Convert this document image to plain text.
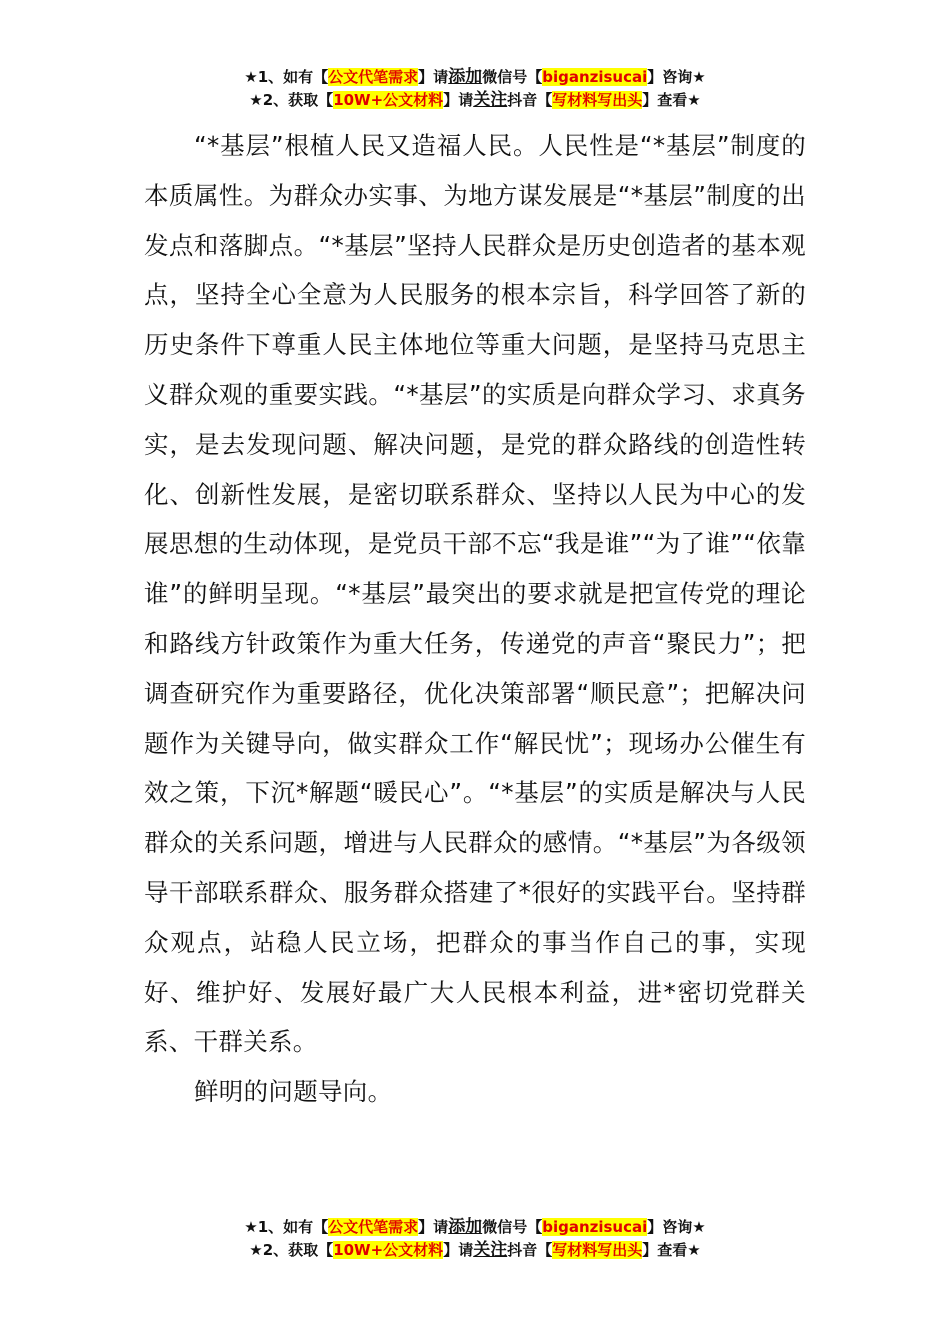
★1、如有【公文代笔需求】请添加微信号【biganzisucai】咨询★
★2、获取【10W+公文材料】请关注抖音【写材料写出头】查看★

“*基层”根植人民又造福人民。人民性是“*基层”制度的本质属性。为群众办实事、为地方谋发展是“*基层”制度的出发点和落脚点。“*基层”坚持人民群众是历史创造者的基本观点，坚持全心全意为人民服务的根本宗旨，科学回答了新的历史条件下尊重人民主体地位等重大问题，是坚持马克思主义群众观的重要实践。“*基层”的实质是向群众学习、求真务实，是去发现问题、解决问题，是党的群众路线的创造性转化、创新性发展，是密切联系群众、坚持以人民为中心的发展思想的生动体现，是党员干部不忘“我是谁”“为了谁”“依靠谁”的鲜明呈现。“*基层”最突出的要求就是把宣传党的理论和路线方针政策作为重大任务，传递党的声音“聚民力”；把调查研究作为重要路径，优化决策部署“顺民意”；把解决问题作为关键导向，做实群众工作“解民忧”；现场办公催生有效之策，下沉*解题“暖民心”。“*基层”的实质是解决与人民群众的关系问题，增进与人民群众的感情。“*基层”为各级领导干部联系群众、服务群众搭建了*很好的实践平台。坚持群众观点，站稳人民立场，把群众的事当作自己的事，实现好、维护好、发展好最广大人民根本利益，进*密切党群关系、干群关系。

鲜明的问题导向。

★1、如有【公文代笔需求】请添加微信号【biganzisucai】咨询★
★2、获取【10W+公文材料】请关注抖音【写材料写出头】查看★
